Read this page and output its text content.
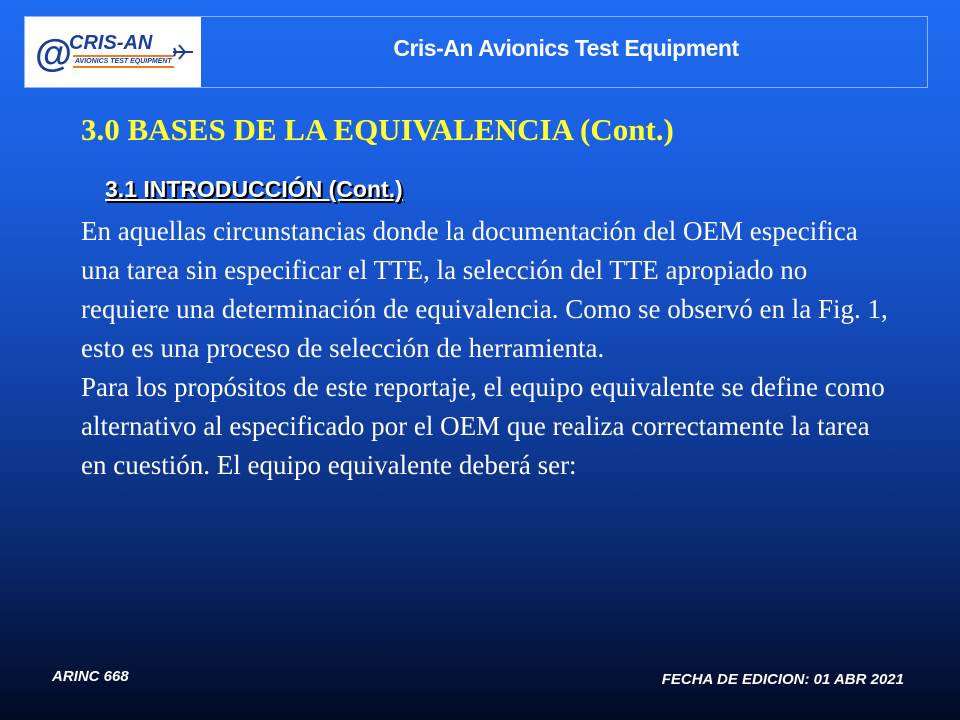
@
CRIS-AN
AVIONICS TEST EQUIPMENT
Cris-An Avionics Test Equipment
3.0 BASES DE LA EQUIVALENCIA (Cont.)
3.1 INTRODUCCIÓN (Cont.)

En aquellas circunstancias donde la documentación del OEM especifica una tarea sin especificar el TTE, la selección del TTE apropiado no requiere una determinación de equivalencia. Como se observó en la Fig. 1, esto es una proceso de selección de herramienta.

Para los propósitos de este reportaje, el equipo equivalente se define como alternativo al especificado por el OEM que realiza correctamente la tarea en cuestión. El equipo equivalente deberá ser:

ARINC 668	FECHA DE EDICION: 01 ABR 2021
